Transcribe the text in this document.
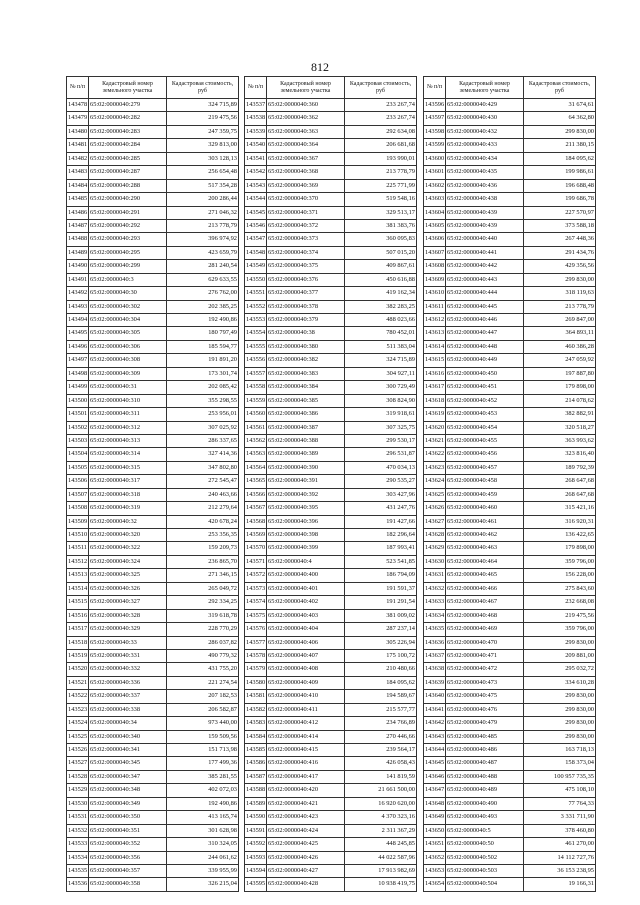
812
№ п/п	Кадастровый номер земельного участка	Кадастровая стоимость, руб
143478	65:02:0000040:279	324 715,89
143479	65:02:0000040:282	219 475,56
143480	65:02:0000040:283	247 359,75
143481	65:02:0000040:284	329 813,00
143482	65:02:0000040:285	303 128,13
143483	65:02:0000040:287	256 654,48
143484	65:02:0000040:288	517 354,28
143485	65:02:0000040:290	200 286,44
143486	65:02:0000040:291	271 046,32
143487	65:02:0000040:292	213 778,79
143488	65:02:0000040:293	396 974,92
143489	65:02:0000040:295	423 659,79
143490	65:02:0000040:299	281 240,54
143491	65:02:0000040:3	629 633,55
143492	65:02:0000040:30	276 762,00
143493	65:02:0000040:302	202 385,25
143494	65:02:0000040:304	192 490,86
143495	65:02:0000040:305	180 797,49
143496	65:02:0000040:306	185 594,77
143497	65:02:0000040:308	191 891,20
143498	65:02:0000040:309	173 301,74
143499	65:02:0000040:31	202 085,42
143500	65:02:0000040:310	355 298,55
143501	65:02:0000040:311	253 956,01
143502	65:02:0000040:312	307 025,92
143503	65:02:0000040:313	286 337,65
143504	65:02:0000040:314	327 414,36
143505	65:02:0000040:315	347 802,80
143506	65:02:0000040:317	272 545,47
143507	65:02:0000040:318	240 463,66
143508	65:02:0000040:319	212 279,64
143509	65:02:0000040:32	420 678,24
143510	65:02:0000040:320	253 356,35
143511	65:02:0000040:322	159 209,73
143512	65:02:0000040:324	236 865,70
143513	65:02:0000040:325	271 346,15
143514	65:02:0000040:326	265 049,72
143515	65:02:0000040:327	292 334,25
143516	65:02:0000040:328	319 618,78
143517	65:02:0000040:329	228 770,29
143518	65:02:0000040:33	286 037,82
143519	65:02:0000040:331	490 779,32
143520	65:02:0000040:332	431 755,20
143521	65:02:0000040:336	221 274,54
143522	65:02:0000040:337	207 182,53
143523	65:02:0000040:338	206 582,87
143524	65:02:0000040:34	973 440,00
143525	65:02:0000040:340	159 509,56
143526	65:02:0000040:341	151 713,98
143527	65:02:0000040:345	177 499,36
143528	65:02:0000040:347	385 281,55
143529	65:02:0000040:348	402 072,03
143530	65:02:0000040:349	192 490,86
143531	65:02:0000040:350	413 165,74
143532	65:02:0000040:351	301 628,98
143533	65:02:0000040:352	310 324,05
143534	65:02:0000040:356	244 061,62
143535	65:02:0000040:357	339 955,99
143536	65:02:0000040:358	326 215,04
№ п/п	Кадастровый номер земельного участка	Кадастровая стоимость, руб
143537	65:02:0000040:360	233 267,74
143538	65:02:0000040:362	233 267,74
143539	65:02:0000040:363	292 634,08
143540	65:02:0000040:364	206 681,68
143541	65:02:0000040:367	193 990,01
143542	65:02:0000040:368	213 778,79
143543	65:02:0000040:369	225 771,99
143544	65:02:0000040:370	519 548,16
143545	65:02:0000040:371	329 513,17
143546	65:02:0000040:372	381 383,76
143547	65:02:0000040:373	360 095,83
143548	65:02:0000040:374	507 015,20
143549	65:02:0000040:375	409 867,61
143550	65:02:0000040:376	450 616,88
143551	65:02:0000040:377	419 162,34
143552	65:02:0000040:378	382 283,25
143553	65:02:0000040:379	488 023,66
143554	65:02:0000040:38	780 452,01
143555	65:02:0000040:380	511 383,04
143556	65:02:0000040:382	324 715,89
143557	65:02:0000040:383	304 927,11
143558	65:02:0000040:384	300 729,49
143559	65:02:0000040:385	308 824,90
143560	65:02:0000040:386	319 918,61
143561	65:02:0000040:387	307 325,75
143562	65:02:0000040:388	299 530,17
143563	65:02:0000040:389	296 531,87
143564	65:02:0000040:390	470 034,13
143565	65:02:0000040:391	290 535,27
143566	65:02:0000040:392	303 427,96
143567	65:02:0000040:395	431 247,76
143568	65:02:0000040:396	191 427,66
143569	65:02:0000040:398	182 296,64
143570	65:02:0000040:399	187 993,41
143571	65:02:0000040:4	523 541,85
143572	65:02:0000040:400	186 794,09
143573	65:02:0000040:401	191 591,37
143574	65:02:0000040:402	191 291,54
143575	65:02:0000040:403	381 009,02
143576	65:02:0000040:404	287 237,14
143577	65:02:0000040:406	305 226,94
143578	65:02:0000040:407	175 100,72
143579	65:02:0000040:408	210 480,66
143580	65:02:0000040:409	184 095,62
143581	65:02:0000040:410	194 589,67
143582	65:02:0000040:411	215 577,77
143583	65:02:0000040:412	234 766,89
143584	65:02:0000040:414	270 446,66
143585	65:02:0000040:415	239 564,17
143586	65:02:0000040:416	426 058,43
143587	65:02:0000040:417	141 819,59
143588	65:02:0000040:420	21 661 500,00
143589	65:02:0000040:421	16 920 620,00
143590	65:02:0000040:423	4 370 323,16
143591	65:02:0000040:424	2 311 367,29
143592	65:02:0000040:425	448 245,85
143593	65:02:0000040:426	44 022 587,96
143594	65:02:0000040:427	17 913 982,69
143595	65:02:0000040:428	10 938 419,75
№ п/п	Кадастровый номер земельного участка	Кадастровая стоимость, руб
143596	65:02:0000040:429	31 674,61
143597	65:02:0000040:430	64 362,80
143598	65:02:0000040:432	299 830,00
143599	65:02:0000040:433	211 380,15
143600	65:02:0000040:434	184 095,62
143601	65:02:0000040:435	199 986,61
143602	65:02:0000040:436	196 688,48
143603	65:02:0000040:438	199 686,78
143604	65:02:0000040:439	227 570,97
143605	65:02:0000040:439	373 588,18
143606	65:02:0000040:440	267 448,36
143607	65:02:0000040:441	291 434,76
143608	65:02:0000040:442	429 356,56
143609	65:02:0000040:443	299 830,00
143610	65:02:0000040:444	318 119,63
143611	65:02:0000040:445	213 778,79
143612	65:02:0000040:446	269 847,00
143613	65:02:0000040:447	364 893,11
143614	65:02:0000040:448	460 386,28
143615	65:02:0000040:449	247 059,92
143616	65:02:0000040:450	197 887,80
143617	65:02:0000040:451	179 898,00
143618	65:02:0000040:452	214 078,62
143619	65:02:0000040:453	382 882,91
143620	65:02:0000040:454	320 518,27
143621	65:02:0000040:455	363 993,62
143622	65:02:0000040:456	323 816,40
143623	65:02:0000040:457	189 792,39
143624	65:02:0000040:458	268 647,68
143625	65:02:0000040:459	268 647,68
143626	65:02:0000040:460	315 421,16
143627	65:02:0000040:461	316 920,31
143628	65:02:0000040:462	136 422,65
143629	65:02:0000040:463	179 898,00
143630	65:02:0000040:464	359 796,00
143631	65:02:0000040:465	156 228,00
143632	65:02:0000040:466	275 843,60
143633	65:02:0000040:467	232 668,08
143634	65:02:0000040:468	219 475,56
143635	65:02:0000040:469	359 796,00
143636	65:02:0000040:470	299 830,00
143637	65:02:0000040:471	209 881,00
143638	65:02:0000040:472	295 032,72
143639	65:02:0000040:473	334 610,28
143640	65:02:0000040:475	299 830,00
143641	65:02:0000040:476	299 830,00
143642	65:02:0000040:479	299 830,00
143643	65:02:0000040:485	299 830,00
143644	65:02:0000040:486	163 718,13
143645	65:02:0000040:487	158 373,04
143646	65:02:0000040:488	100 957 735,35
143647	65:02:0000040:489	475 108,10
143648	65:02:0000040:490	77 764,33
143649	65:02:0000040:493	3 331 711,90
143650	65:02:0000040:5	378 460,80
143651	65:02:0000040:50	461 270,00
143652	65:02:0000040:502	14 112 727,76
143653	65:02:0000040:503	36 153 238,95
143654	65:02:0000040:504	19 166,31
